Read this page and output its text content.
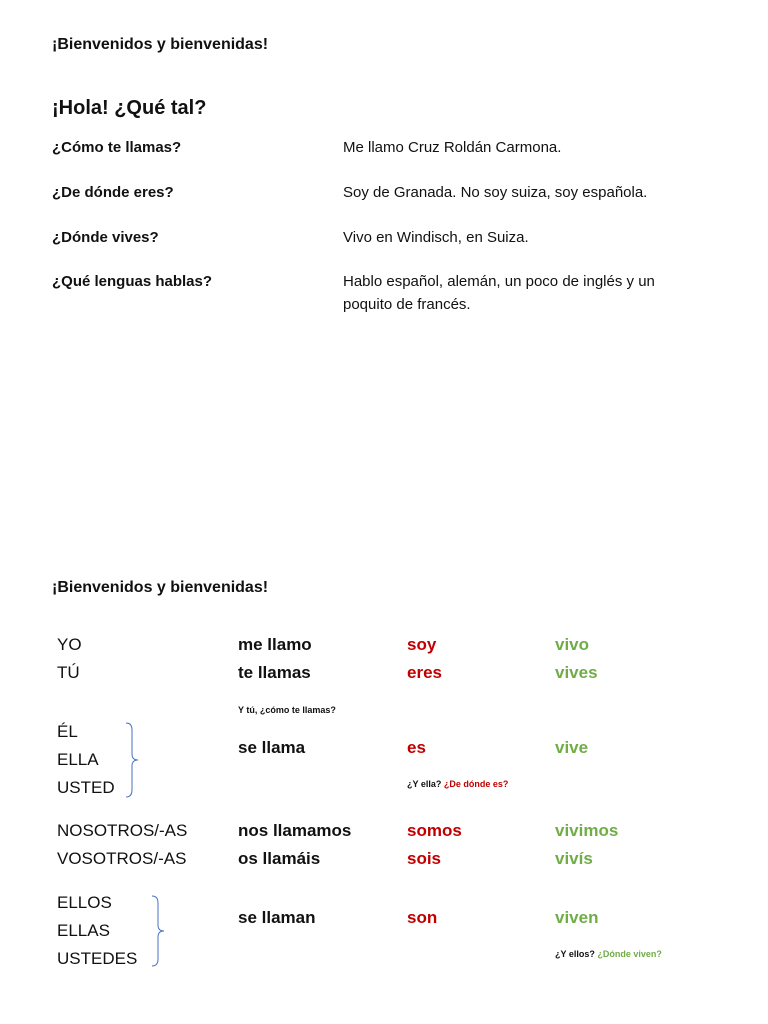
¡Bienvenidos y bienvenidas!
¡Hola! ¿Qué tal?
¿Cómo te llamas?	Me llamo Cruz Roldán Carmona.
¿De dónde eres?	Soy de Granada. No soy suiza, soy española.
¿Dónde vives?	Vivo en Windisch, en Suiza.
¿Qué lenguas hablas?	Hablo español, alemán, un poco de inglés y un
poquito de francés.
¡Bienvenidos y bienvenidas!
YO	me llamo	soy	vivo
TÚ	te llamas	eres	vives
Y tú, ¿cómo te llamas?
ÉL
ELLA
USTED
se llama	es	vive
¿Y ella? ¿De dónde es?
NOSOTROS/-AS	nos llamamos	somos	vivimos
VOSOTROS/-AS	os llamáis	sois	vivís
ELLOS
ELLAS
USTEDES
se llaman	son	viven
¿Y ellos? ¿Dónde viven?
